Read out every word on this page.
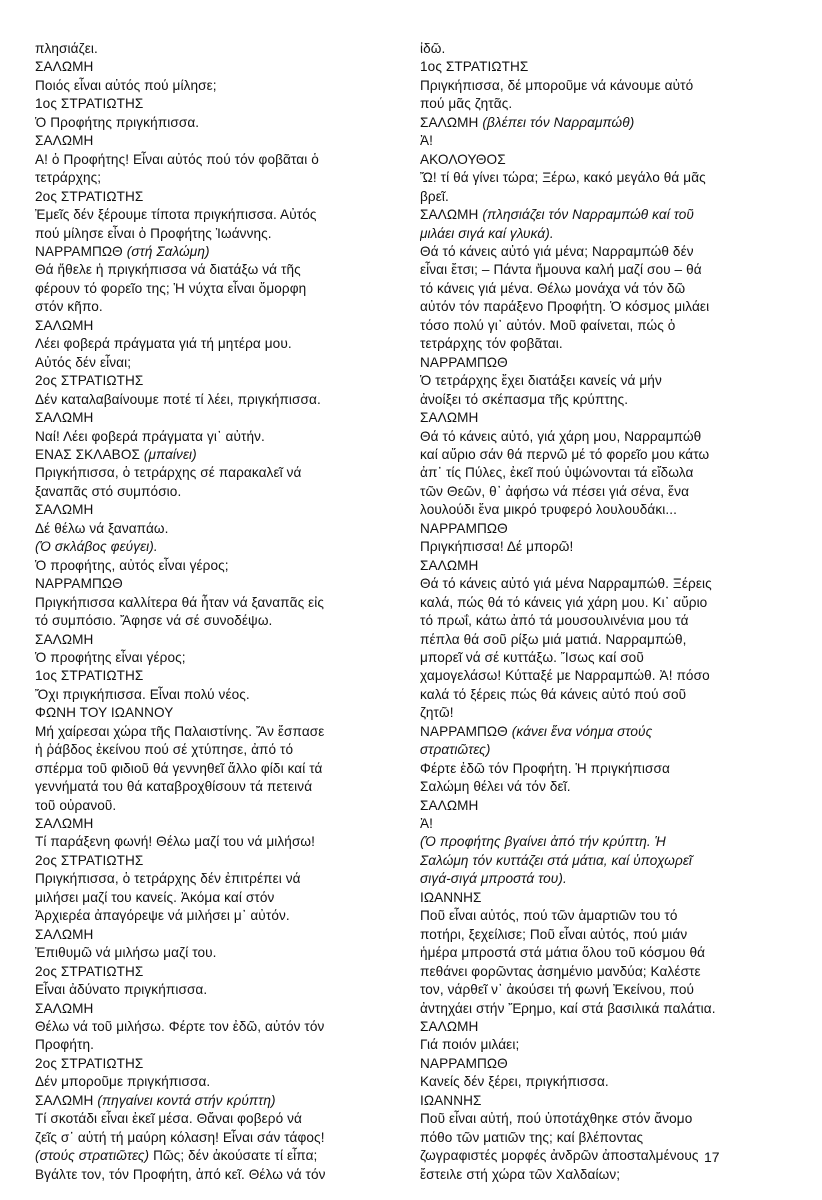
πλησιάζει.
ΣΑΛΩΜΗ
Ποιός εἶναι αὐτός πού μίλησε;
1ος ΣΤΡΑΤΙΩΤΗΣ
Ὁ Προφήτης πριγκήπισσα.
ΣΑΛΩΜΗ
Α! ὁ Προφήτης! Εἶναι αὐτός πού τόν φοβᾶται ὁ
τετράρχης;
2ος ΣΤΡΑΤΙΩΤΗΣ
Ἐμεῖς δέν ξέρουμε τίποτα πριγκήπισσα. Αὐτός
πού μίλησε εἶναι ὁ Προφήτης Ἰωάννης.
ΝΑΡΡΑΜΠΩΘ (στή Σαλώμη)
Θά ἤθελε ἡ πριγκήπισσα νά διατάξω νά τῆς
φέρουν τό φορεῖο της; Ἡ νύχτα εἶναι ὄμορφη
στόν κῆπο.
ΣΑΛΩΜΗ
Λέει φοβερά πράγματα γιά τή μητέρα μου.
Αὐτός δέν εἶναι;
2ος ΣΤΡΑΤΙΩΤΗΣ
Δέν καταλαβαίνουμε ποτέ τί λέει, πριγκήπισσα.
ΣΑΛΩΜΗ
Ναί! Λέει φοβερά πράγματα γι᾽ αὐτήν.
ΕΝΑΣ ΣΚΛΑΒΟΣ (μπαίνει)
Πριγκήπισσα, ὁ τετράρχης σέ παρακαλεῖ νά
ξαναπᾶς στό συμπόσιο.
ΣΑΛΩΜΗ
Δέ θέλω νά ξαναπάω.
(Ὁ σκλάβος φεύγει).
Ὁ προφήτης, αὐτός εἶναι γέρος;
ΝΑΡΡΑΜΠΩΘ
Πριγκήπισσα καλλίτερα θά ἦταν νά ξαναπᾶς εἰς
τό συμπόσιο. Ἄφησε νά σέ συνοδέψω.
ΣΑΛΩΜΗ
Ὁ προφήτης εἶναι γέρος;
1ος ΣΤΡΑΤΙΩΤΗΣ
Ὄχι πριγκήπισσα. Εἶναι πολύ νέος.
ΦΩΝΗ ΤΟΥ ΙΩΑΝΝΟΥ
Μή χαίρεσαι χώρα τῆς Παλαιστίνης. Ἄν ἔσπασε
ἡ ῥάβδος ἐκείνου πού σέ χτύπησε, ἀπό τό
σπέρμα τοῦ φιδιοῦ θά γεννηθεῖ ἄλλο φίδι καί τά
γεννήματά του θά καταβροχθίσουν τά πετεινά
τοῦ οὐρανοῦ.
ΣΑΛΩΜΗ
Τί παράξενη φωνή! Θέλω μαζί του νά μιλήσω!
2ος ΣΤΡΑΤΙΩΤΗΣ
Πριγκήπισσα, ὁ τετράρχης δέν ἐπιτρέπει νά
μιλήσει μαζί του κανείς. Ἀκόμα καί στόν
Ἀρχιερέα ἀπαγόρεψε νά μιλήσει μ᾽ αὐτόν.
ΣΑΛΩΜΗ
Ἐπιθυμῶ νά μιλήσω μαζί του.
2ος ΣΤΡΑΤΙΩΤΗΣ
Εἶναι ἀδύνατο πριγκήπισσα.
ΣΑΛΩΜΗ
Θέλω νά τοῦ μιλήσω. Φέρτε τον ἐδῶ, αὐτόν τόν
Προφήτη.
2ος ΣΤΡΑΤΙΩΤΗΣ
Δέν μποροῦμε πριγκήπισσα.
ΣΑΛΩΜΗ (πηγαίνει κοντά στήν κρύπτη)
Τί σκοτάδι εἶναι ἐκεῖ μέσα. Θἄναι φοβερό νά
ζεῖς σ᾽ αὐτή τή μαύρη κόλαση! Εἶναι σάν τάφος!
(στούς στρατιῶτες) Πῶς; δέν ἀκούσατε τί εἶπα;
Βγάλτε τον, τόν Προφήτη, ἀπό κεῖ. Θέλω νά τόν
ἰδῶ.
1ος ΣΤΡΑΤΙΩΤΗΣ
Πριγκήπισσα, δέ μποροῦμε νά κάνουμε αὐτό
πού μᾶς ζητᾶς.
ΣΑΛΩΜΗ (βλέπει τόν Ναρραμπώθ)
Ἀ!
ΑΚΟΛΟΥΘΟΣ
Ὤ! τί θά γίνει τώρα; Ξέρω, κακό μεγάλο θά μᾶς
βρεῖ.
ΣΑΛΩΜΗ (πλησιάζει τόν Ναρραμπώθ καί τοῦ
μιλάει σιγά καί γλυκά).
Θά τό κάνεις αὐτό γιά μένα; Ναρραμπώθ δέν
εἶναι ἔτσι; – Πάντα ἤμουνα καλή μαζί σου – θά
τό κάνεις γιά μένα. Θέλω μονάχα νά τόν δῶ
αὐτόν τόν παράξενο Προφήτη. Ὁ κόσμος μιλάει
τόσο πολύ γι᾽ αὐτόν. Μοῦ φαίνεται, πώς ὁ
τετράρχης τόν φοβᾶται.
ΝΑΡΡΑΜΠΩΘ
Ὁ τετράρχης ἔχει διατάξει κανείς νά μήν
ἀνοίξει τό σκέπασμα τῆς κρύπτης.
ΣΑΛΩΜΗ
Θά τό κάνεις αὐτό, γιά χάρη μου, Ναρραμπώθ
καί αὔριο σάν θά περνῶ μέ τό φορεῖο μου κάτω
ἀπ᾽ τίς Πύλες, ἐκεῖ πού ὑψώνονται τά εἴδωλα
τῶν Θεῶν, θ᾽ ἀφήσω νά πέσει γιά σένα, ἕνα
λουλούδι ἕνα μικρό τρυφερό λουλουδάκι...
ΝΑΡΡΑΜΠΩΘ
Πριγκήπισσα! Δέ μπορῶ!
ΣΑΛΩΜΗ
Θά τό κάνεις αὐτό γιά μένα Ναρραμπώθ. Ξέρεις
καλά, πώς θά τό κάνεις γιά χάρη μου. Κι᾽ αὔριο
τό πρωΐ, κάτω ἀπό τά μουσουλινένια μου τά
πέπλα θά σοῦ ρίξω μιά ματιά. Ναρραμπώθ,
μπορεῖ νά σέ κυττάξω. Ἴσως καί σοῦ
χαμογελάσω! Κύτταξέ με Ναρραμπώθ. Ἀ! πόσο
καλά τό ξέρεις πώς θά κάνεις αὐτό πού σοῦ
ζητῶ!
ΝΑΡΡΑΜΠΩΘ (κάνει ἕνα νόημα στούς
στρατιῶτες)
Φέρτε ἐδῶ τόν Προφήτη. Ἡ πριγκήπισσα
Σαλώμη θέλει νά τόν δεῖ.
ΣΑΛΩΜΗ
Ἀ!
(Ὁ προφήτης βγαίνει ἀπό τήν κρύπτη. Ἡ
Σαλώμη τόν κυττάζει στά μάτια, καί ὑποχωρεῖ
σιγά-σιγά μπροστά του).
ΙΩΑΝΝΗΣ
Ποῦ εἶναι αὐτός, πού τῶν ἁμαρτιῶν του τό
ποτήρι, ξεχείλισε; Ποῦ εἶναι αὐτός, πού μιάν
ἡμέρα μπροστά στά μάτια ὅλου τοῦ κόσμου θά
πεθάνει φορῶντας ἀσημένιο μανδύα; Καλέστε
τον, νάρθεῖ ν᾽ ἀκούσει τή φωνή Ἐκείνου, πού
ἀντηχάει στήν Ἔρημο, καί στά βασιλικά παλάτια.
ΣΑΛΩΜΗ
Γιά ποιόν μιλάει;
ΝΑΡΡΑΜΠΩΘ
Κανείς δέν ξέρει, πριγκήπισσα.
ΙΩΑΝΝΗΣ
Ποῦ εἶναι αὐτή, πού ὑποτάχθηκε στόν ἄνομο
πόθο τῶν ματιῶν της; καί βλέποντας
ζωγραφιστές μορφές ἀνδρῶν ἀποσταλμένους
ἔστειλε στή χώρα τῶν Χαλδαίων;
17
